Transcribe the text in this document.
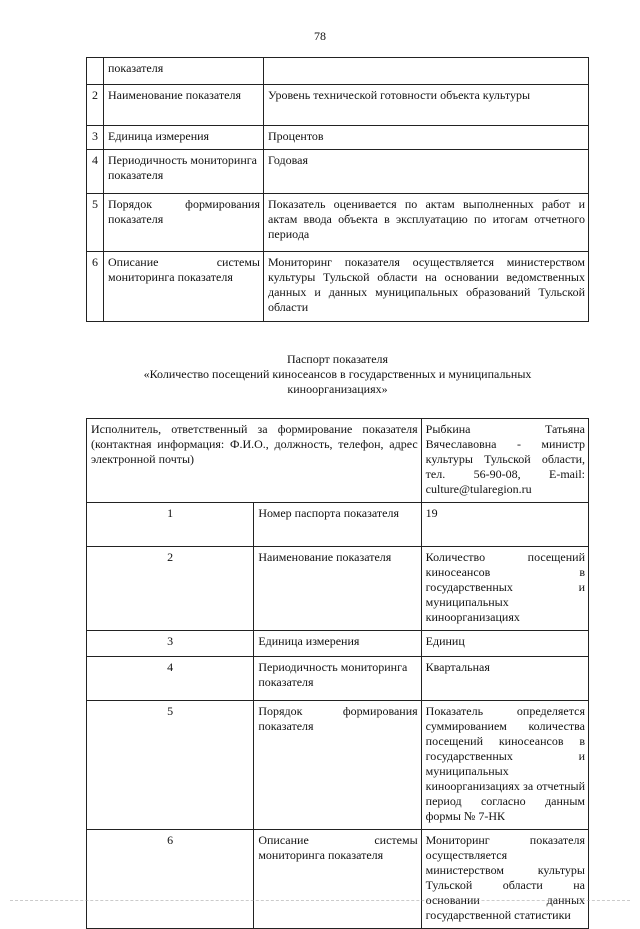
78
	показателя	
2	Наименование показателя	Уровень технической готовности объекта культуры
3	Единица измерения	Процентов
4	Периодичность мониторинга показателя	Годовая
5	Порядок формирования показателя	Показатель оценивается по актам выполненных работ и актам ввода объекта в эксплуатацию по итогам отчетного периода
6	Описание системы мониторинга показателя	Мониторинг показателя осуществляется министерством культуры Тульской области на основании ведомственных данных и данных муниципальных образований Тульской области
Паспорт показателя
«Количество посещений киносеансов в государственных и муниципальных
киноорганизациях»
Исполнитель, ответственный за формирование показателя (контактная информация: Ф.И.О., должность, телефон, адрес электронной почты)		Рыбкина Татьяна Вячеславовна - министр культуры Тульской области, тел. 56-90-08, E-mail: culture@tularegion.ru
1	Номер паспорта показателя	19
2	Наименование показателя	Количество посещений киносеансов в государственных и муниципальных киноорганизациях
3	Единица измерения	Единиц
4	Периодичность мониторинга показателя	Квартальная
5	Порядок формирования показателя	Показатель определяется суммированием количества посещений киносеансов в государственных и муниципальных киноорганизациях за отчетный период согласно данным формы № 7-НК
6	Описание системы мониторинга показателя	Мониторинг показателя осуществляется министерством культуры Тульской области на основании данных государственной статистики
